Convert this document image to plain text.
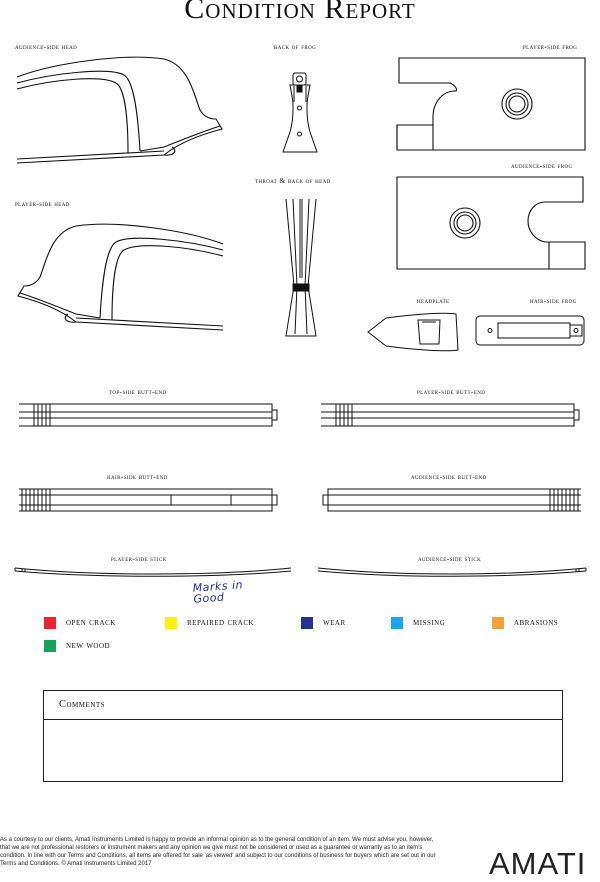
Condition Report
audience-side head	back of frog	player-side frog
throat & back of head
audience-side frog
player-side head
headplate	hair-side frog
top-side butt-end	player-side butt-end
hair-side butt-end	audience-side butt-end
player-side stick	audience-side stick
Marks in
Good
open crack	repaired crack	wear	missing	abrasions
new wood
Comments
As a courtesy to our clients, Amati Instruments Limited is happy to provide an informal opinion as to the general condition of an item. We must advise you, however, that we are not professional restorers or instrument makers and any opinion we give must not be considered or used as a guarantee or warranty as to an item's condition. In line with our Terms and Conditions, all items are offered for sale 'as viewed' and subject to our conditions of business for buyers which are set out in our Terms and Conditions. © Amati Instruments Limited 2017	AMATI
